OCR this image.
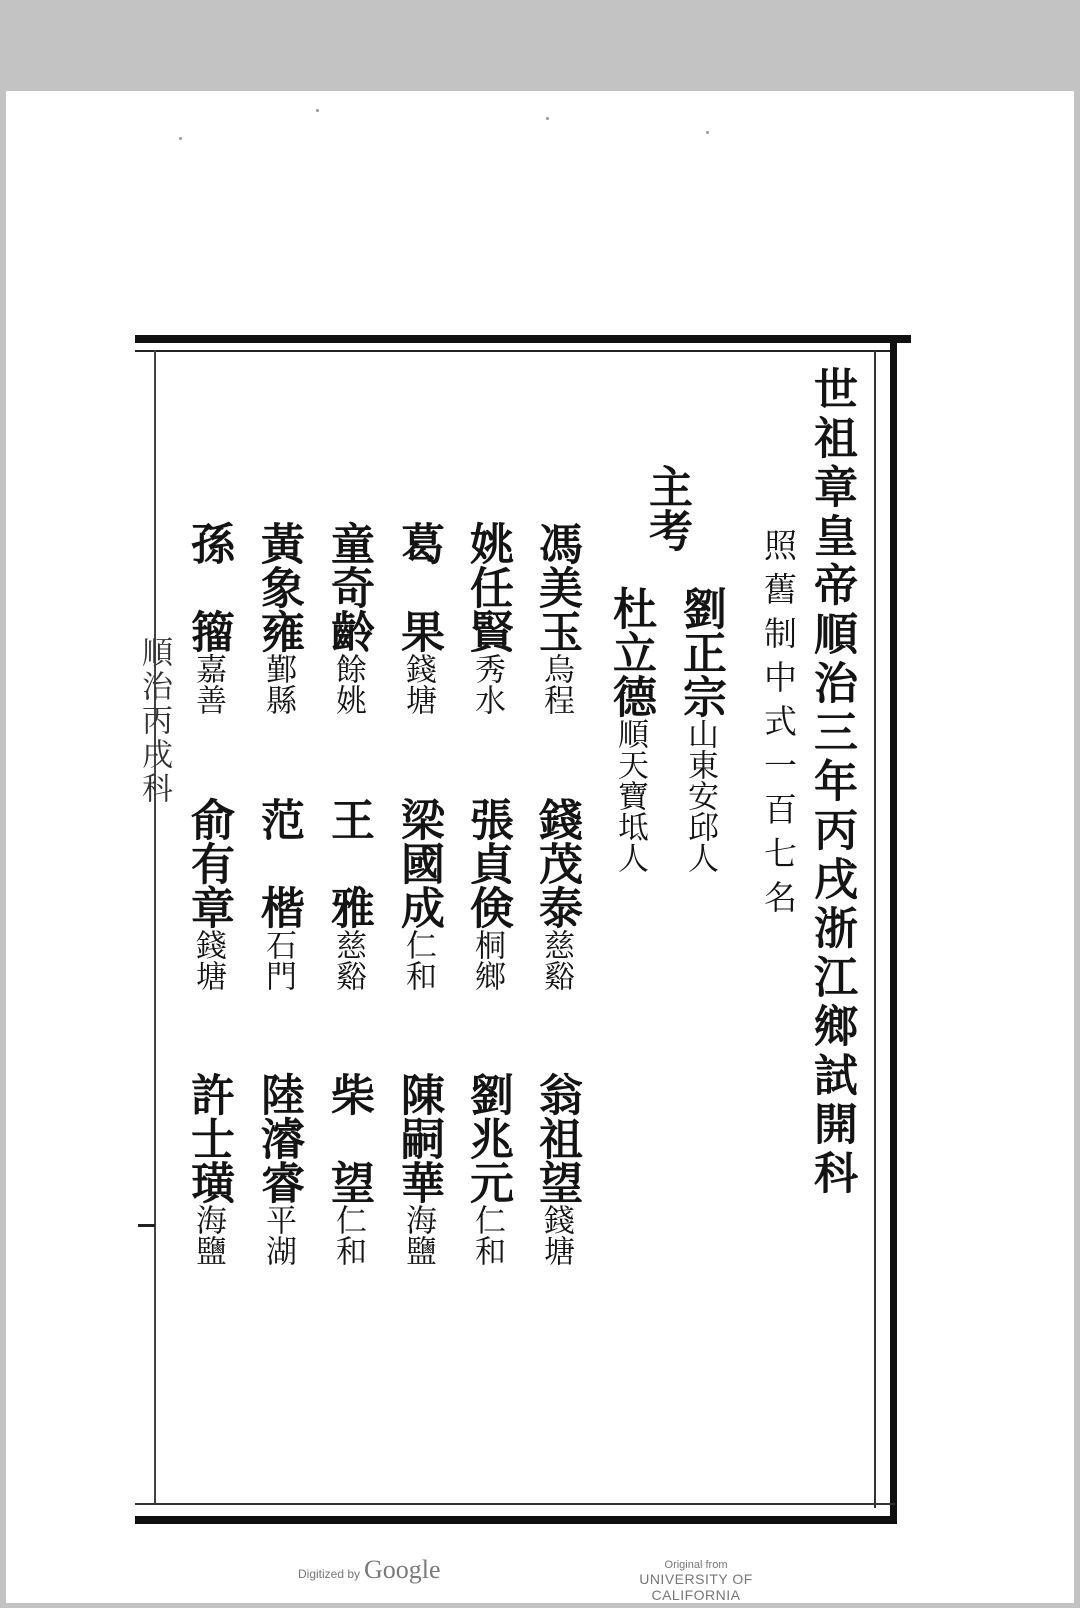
世祖章皇帝順治三年丙戌浙江鄉試開科
照舊制中式一百七名
主考
劉正宗山東安邱人
杜立德順天寶坻人
馮美玉烏程
錢茂泰慈谿
翁祖望錢塘
姚任賢秀水
張貞倹桐鄉
劉兆元仁和
葛　果錢塘
梁國成仁和
陳嗣華海鹽
童奇齡餘姚
王　雅慈谿
柴　望仁和
黃象雍鄞縣
范　楷石門
陸濬睿平湖
孫　籀嘉善
俞有章錢塘
許士璜海鹽
順治丙戌科
Digitized by Google	Original from
UNIVERSITY OF CALIFORNIA
